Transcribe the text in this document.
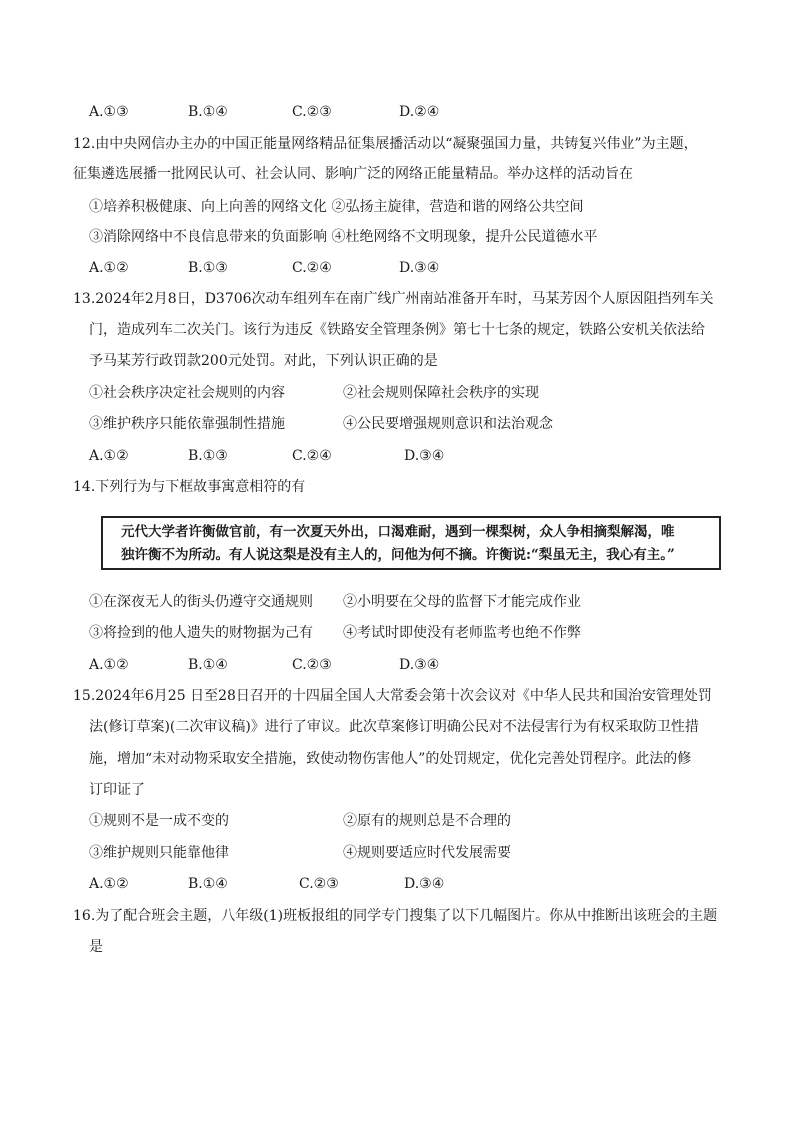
A.①③	B.①④	C.②③	D.②④
12.由中央网信办主办的中国正能量网络精品征集展播活动以“凝聚强国力量，共铸复兴伟业”为主题，
征集遴选展播一批网民认可、社会认同、影响广泛的网络正能量精品。举办这样的活动旨在
①培养积极健康、向上向善的网络文化 ②弘扬主旋律，营造和谐的网络公共空间
③消除网络中不良信息带来的负面影响 ④杜绝网络不文明现象，提升公民道德水平
A.①②	B.①③	C.②④	D.③④
13.2024年2月8日，D3706次动车组列车在南广线广州南站准备开车时，马某芳因个人原因阻挡列车关
门，造成列车二次关门。该行为违反《铁路安全管理条例》第七十七条的规定，铁路公安机关依法给
予马某芳行政罚款200元处罚。对此，下列认识正确的是
①社会秩序决定社会规则的内容	②社会规则保障社会秩序的实现
③维护秩序只能依靠强制性措施	④公民要增强规则意识和法治观念
A.①②	B.①③	C.②④	D.③④
14.下列行为与下框故事寓意相符的有
元代大学者许衡做官前，有一次夏天外出，口渴难耐，遇到一棵梨树，众人争相摘梨解渴，唯
独许衡不为所动。有人说这梨是没有主人的，问他为何不摘。许衡说:“梨虽无主，我心有主。”
①在深夜无人的街头仍遵守交通规则 ②小明要在父母的监督下才能完成作业
③将捡到的他人遗失的财物据为己有 ④考试时即使没有老师监考也绝不作弊
A.①②	B.①④	C.②③	D.③④
15.2024年6月25 日至28日召开的十四届全国人大常委会第十次会议对《中华人民共和国治安管理处罚
法(修订草案)(二次审议稿)》进行了审议。此次草案修订明确公民对不法侵害行为有权采取防卫性措
施，增加“未对动物采取安全措施，致使动物伤害他人”的处罚规定，优化完善处罚程序。此法的修
订印证了
①规则不是一成不变的	②原有的规则总是不合理的
③维护规则只能靠他律	④规则要适应时代发展需要
A.①②	B.①④	C.②③	D.③④
16.为了配合班会主题，八年级(1)班板报组的同学专门搜集了以下几幅图片。你从中推断出该班会的主题
是
